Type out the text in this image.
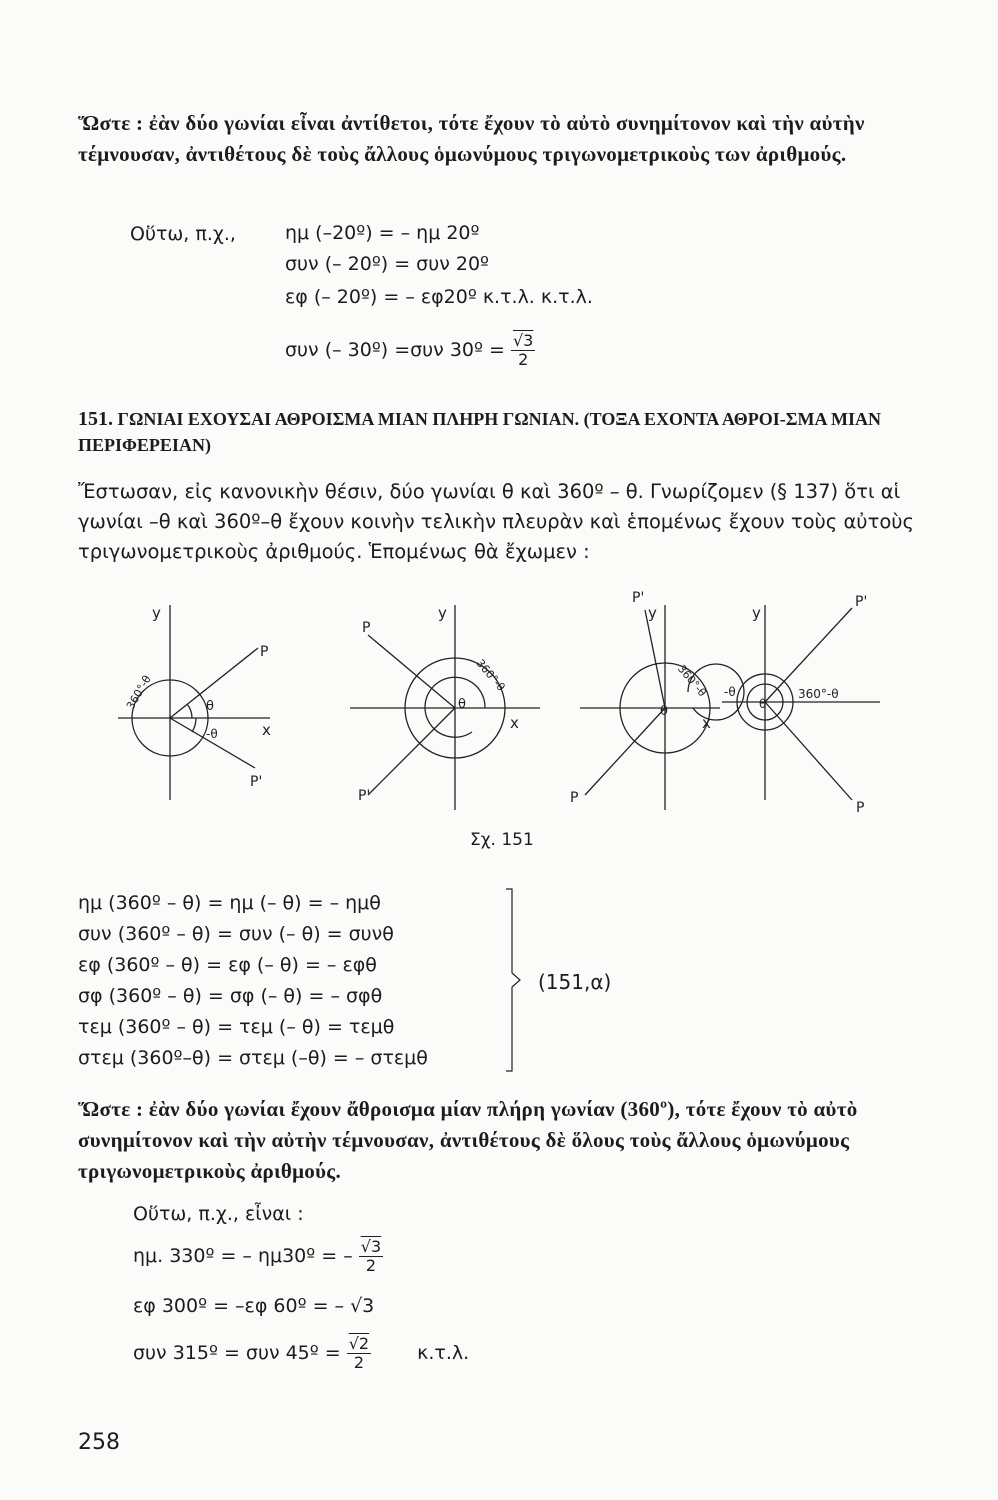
Ὥστε : ἐὰν δύο γωνίαι εἶναι ἀντίθετοι, τότε ἔχουν τὸ αὐτὸ συνημίτονον καὶ τὴν αὐτὴν τέμνουσαν, ἀντιθέτους δὲ τοὺς ἄλλους ὁμωνύμους τριγωνομετρικοὺς των ἀριθμούς.
Οὕτω, π.χ.,	ημ (–20º) = – ημ 20º
συν (– 20º) = συν 20º
εφ (– 20º) = – εφ20º κ.τ.λ. κ.τ.λ.
συν (– 30º) =συν 30º = $\frac{√3}{2}$
151. ΓΩΝΙΑΙ ΕΧΟΥΣΑΙ ΑΘΡΟΙΣΜΑ ΜΙΑΝ ΠΛΗΡΗ ΓΩΝΙΑΝ. (ΤΟΞΑ ΕΧΟΝΤΑ ΑΘΡΟΙ-ΣΜΑ ΜΙΑΝ ΠΕΡΙΦΕΡΕΙΑΝ)
Ἔστωσαν, εἰς κανονικὴν θέσιν, δύο γωνίαι θ καὶ 360º – θ. Γνωρίζομεν (§ 137) ὅτι αἱ γωνίαι –θ καὶ 360º–θ ἔχουν κοινὴν τελικὴν πλευρὰν καὶ ἑπομένως ἔχουν τοὺς αὐτοὺς τριγωνομετρικοὺς ἀριθμούς. Ἑπομένως θὰ ἔχωμεν :
y
x
P
P'
θ
-θ
360°-θ
y
x
P
P'
θ
360°-θ
y
x
P'
P
θ
360°-θ
y
P'
P
θ
-θ	360°-θ
Σχ. 151
ημ (360º – θ) = ημ (– θ) = – ημθ
συν (360º – θ) = συν (– θ) = συνθ
εφ (360º – θ) = εφ (– θ) = – εφθ
σφ (360º – θ) = σφ (– θ) = – σφθ
τεμ (360º – θ) = τεμ (– θ) = τεμθ
στεμ (360º–θ) = στεμ (–θ) = – στεμθ
(151,α)
Ὥστε : ἐὰν δύο γωνίαι ἔχουν ἄθροισμα μίαν πλήρη γωνίαν (360º), τότε ἔχουν τὸ αὐτὸ συνημίτονον καὶ τὴν αὐτὴν τέμνουσαν, ἀντιθέτους δὲ ὅλους τοὺς ἄλλους ὁμωνύμους τριγωνομετρικοὺς ἀριθμούς.
Οὕτω, π.χ., εἶναι :
ημ. 330º = – ημ30º = – $\frac{√3}{2}$
εφ 300º = –εφ 60º = – √3
συν 315º = συν 45º = $\frac{√2}{2} \kappa.\tau.\lambda$.
258
